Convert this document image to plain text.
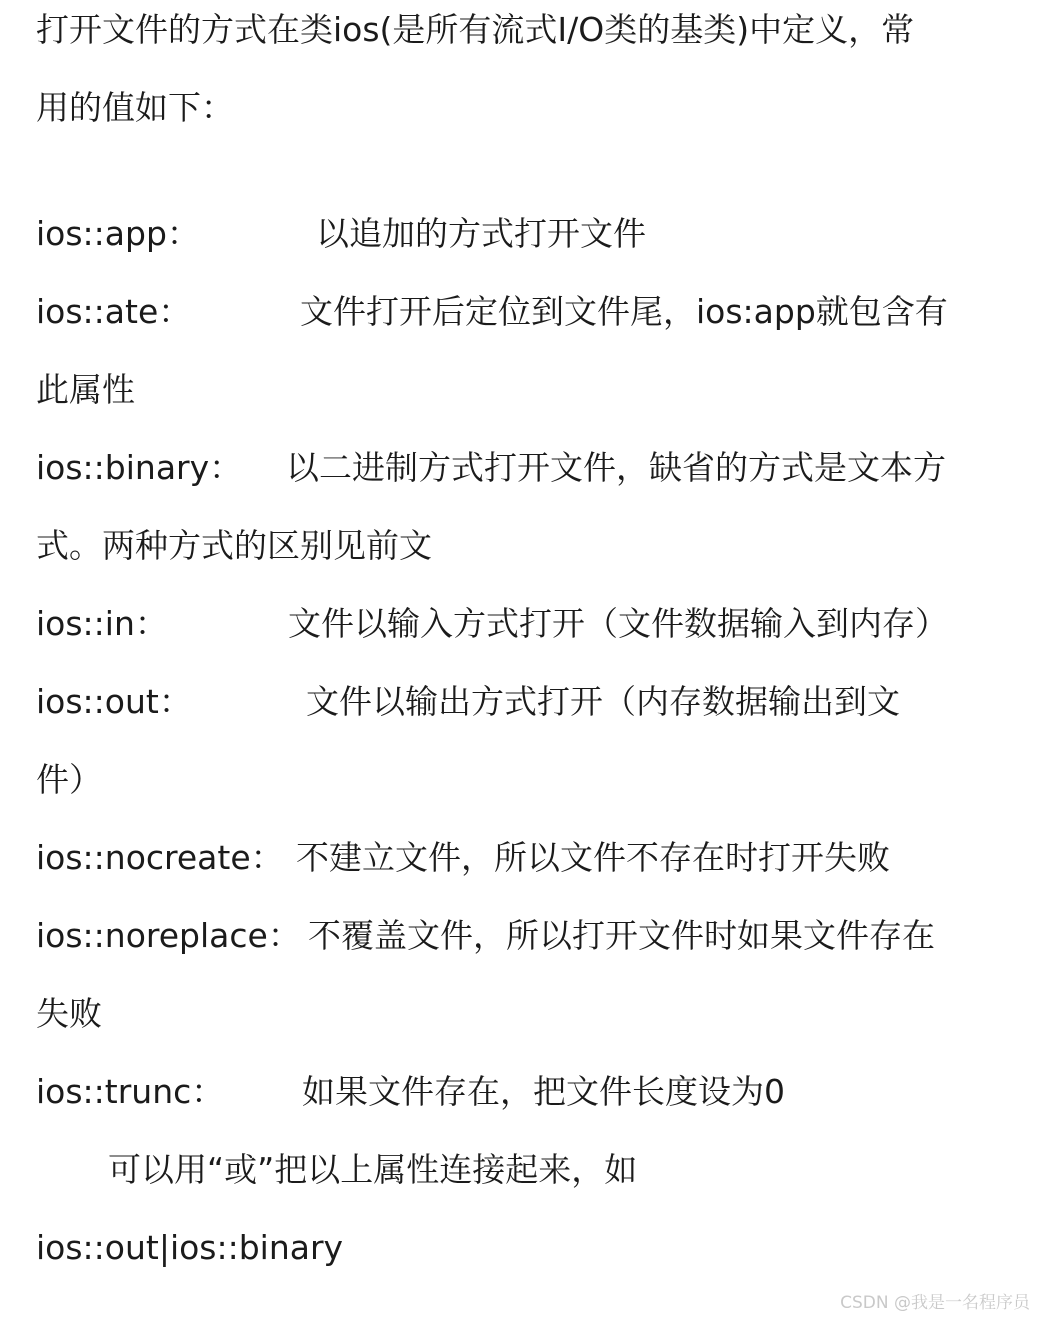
打开文件的方式在类ios(是所有流式I/O类的基类)中定义，常
用的值如下：
ios::app：	以追加的方式打开文件
ios::ate：	文件打开后定位到文件尾，ios:app就包含有
此属性
ios::binary： 以二进制方式打开文件，缺省的方式是文本方
式。两种方式的区别见前文
ios::in：	文件以输入方式打开（文件数据输入到内存）
ios::out：	文件以输出方式打开（内存数据输出到文
件）
ios::nocreate： 不建立文件，所以文件不存在时打开失败
ios::noreplace： 不覆盖文件，所以打开文件时如果文件存在
失败
ios::trunc： 如果文件存在，把文件长度设为0
可以用“或”把以上属性连接起来，如
ios::out|ios::binary
CSDN @我是一名程序员
